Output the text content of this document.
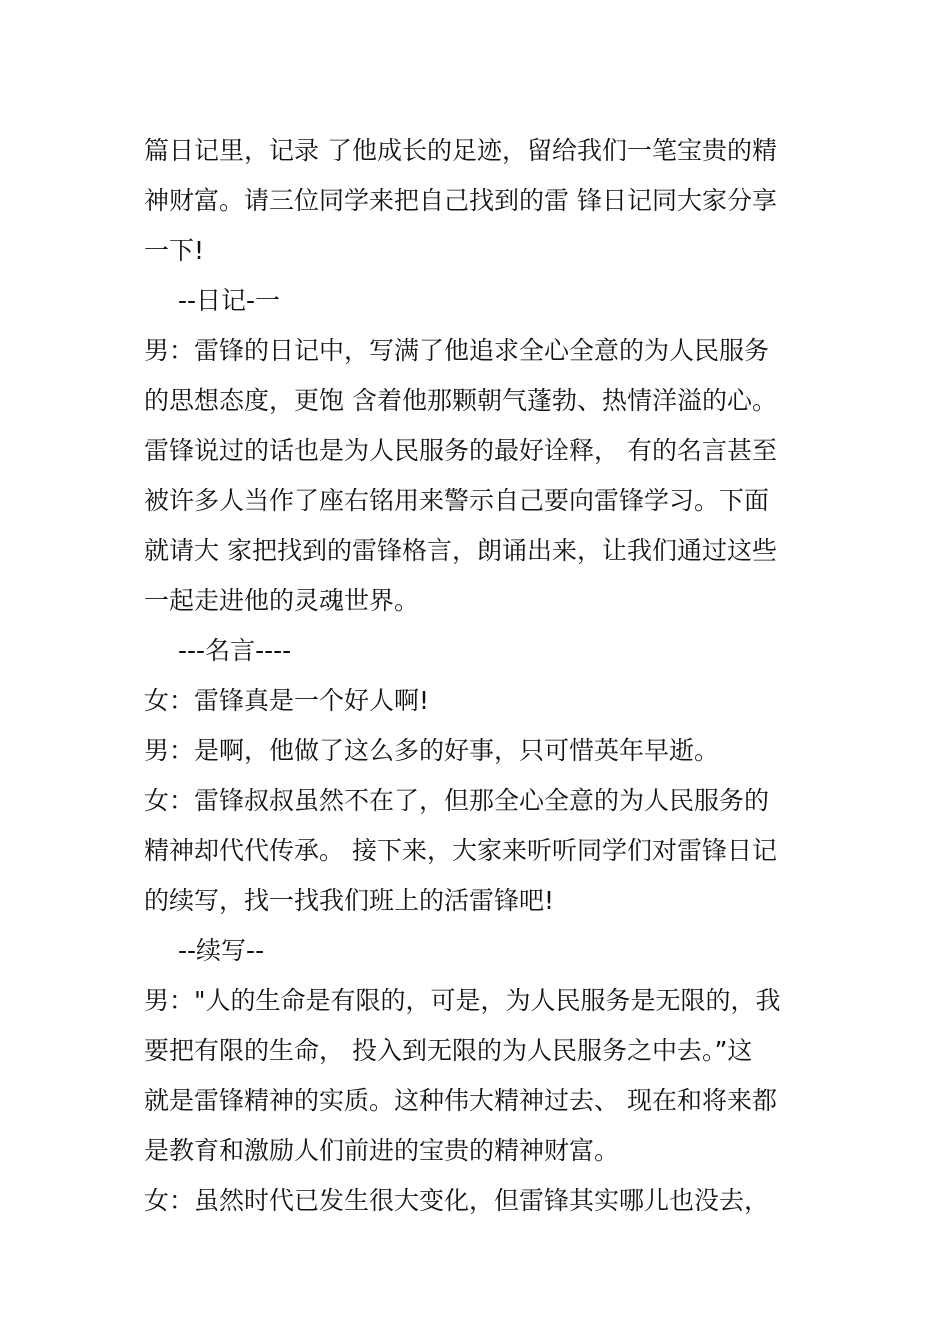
篇日记里，记录 了他成长的足迹，留给我们一笔宝贵的精
神财富。请三位同学来把自己找到的雷 锋日记同大家分享
一下!
--日记-一
男：雷锋的日记中，写满了他追求全心全意的为人民服务
的思想态度，更饱 含着他那颗朝气蓬勃、热情洋溢的心。
雷锋说过的话也是为人民服务的最好诠释， 有的名言甚至
被许多人当作了座右铭用来警示自己要向雷锋学习。下面
就请大 家把找到的雷锋格言，朗诵出来，让我们通过这些
一起走进他的灵魂世界。
---名言----
女：雷锋真是一个好人啊!
男：是啊，他做了这么多的好事，只可惜英年早逝。
女：雷锋叔叔虽然不在了，但那全心全意的为人民服务的
精神却代代传承。 接下来，大家来听听同学们对雷锋日记
的续写，找一找我们班上的活雷锋吧!
--续写--
男："人的生命是有限的，可是，为人民服务是无限的，我
要把有限的生命， 投入到无限的为人民服务之中去。”这
就是雷锋精神的实质。这种伟大精神过去、 现在和将来都
是教育和激励人们前进的宝贵的精神财富。
女：虽然时代已发生很大变化，但雷锋其实哪儿也没去，
